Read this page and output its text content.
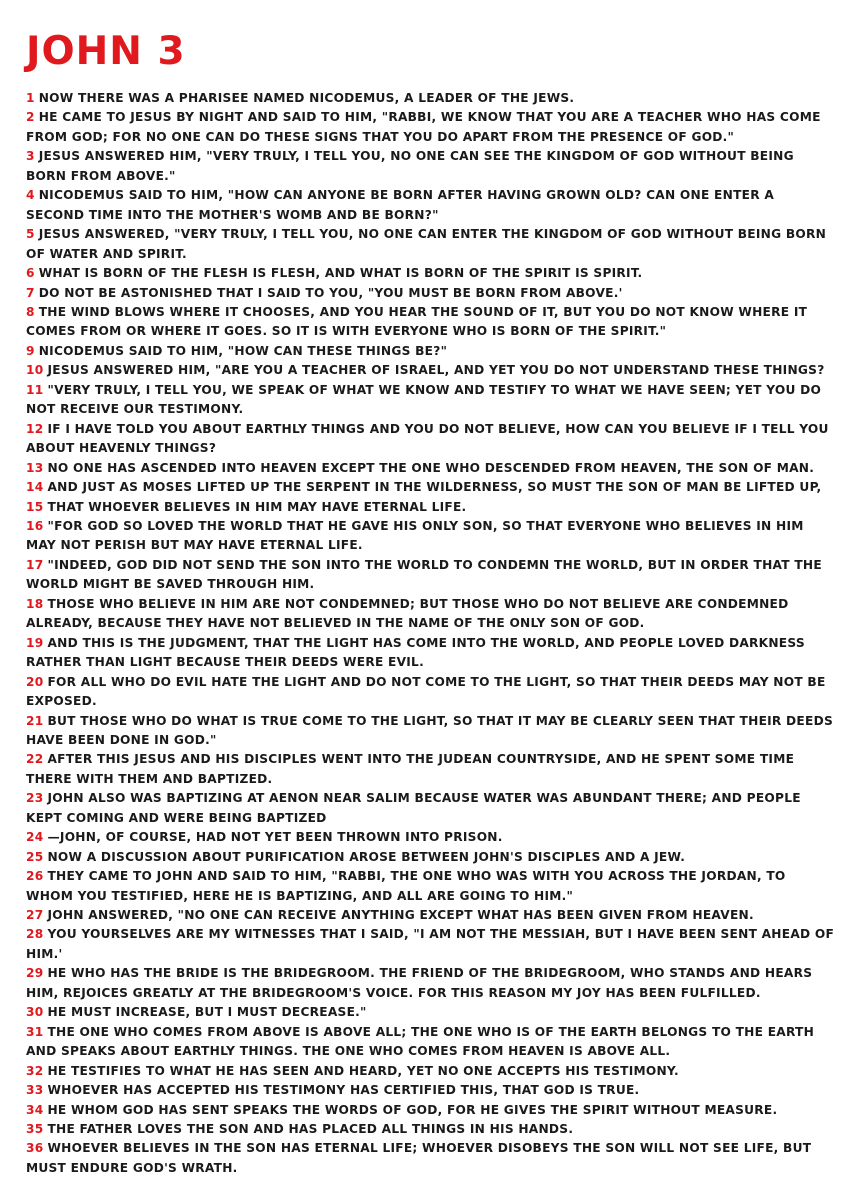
JOHN 3

1 NOW THERE WAS A PHARISEE NAMED NICODEMUS, A LEADER OF THE JEWS.

2 HE CAME TO JESUS BY NIGHT AND SAID TO HIM, "RABBI, WE KNOW THAT YOU ARE A TEACHER WHO HAS COME FROM GOD; FOR NO ONE CAN DO THESE SIGNS THAT YOU DO APART FROM THE PRESENCE OF GOD."

3 JESUS ANSWERED HIM, "VERY TRULY, I TELL YOU, NO ONE CAN SEE THE KINGDOM OF GOD WITHOUT BEING BORN FROM ABOVE."

4 NICODEMUS SAID TO HIM, "HOW CAN ANYONE BE BORN AFTER HAVING GROWN OLD? CAN ONE ENTER A SECOND TIME INTO THE MOTHER'S WOMB AND BE BORN?"

5 JESUS ANSWERED, "VERY TRULY, I TELL YOU, NO ONE CAN ENTER THE KINGDOM OF GOD WITHOUT BEING BORN OF WATER AND SPIRIT.

6 WHAT IS BORN OF THE FLESH IS FLESH, AND WHAT IS BORN OF THE SPIRIT IS SPIRIT.

7 DO NOT BE ASTONISHED THAT I SAID TO YOU, "YOU MUST BE BORN FROM ABOVE.'

8 THE WIND BLOWS WHERE IT CHOOSES, AND YOU HEAR THE SOUND OF IT, BUT YOU DO NOT KNOW WHERE IT COMES FROM OR WHERE IT GOES. SO IT IS WITH EVERYONE WHO IS BORN OF THE SPIRIT."

9 NICODEMUS SAID TO HIM, "HOW CAN THESE THINGS BE?"

10 JESUS ANSWERED HIM, "ARE YOU A TEACHER OF ISRAEL, AND YET YOU DO NOT UNDERSTAND THESE THINGS?

11 "VERY TRULY, I TELL YOU, WE SPEAK OF WHAT WE KNOW AND TESTIFY TO WHAT WE HAVE SEEN; YET YOU DO NOT RECEIVE OUR TESTIMONY.

12 IF I HAVE TOLD YOU ABOUT EARTHLY THINGS AND YOU DO NOT BELIEVE, HOW CAN YOU BELIEVE IF I TELL YOU ABOUT HEAVENLY THINGS?

13 NO ONE HAS ASCENDED INTO HEAVEN EXCEPT THE ONE WHO DESCENDED FROM HEAVEN, THE SON OF MAN.

14 AND JUST AS MOSES LIFTED UP THE SERPENT IN THE WILDERNESS, SO MUST THE SON OF MAN BE LIFTED UP,

15 THAT WHOEVER BELIEVES IN HIM MAY HAVE ETERNAL LIFE.

16 "FOR GOD SO LOVED THE WORLD THAT HE GAVE HIS ONLY SON, SO THAT EVERYONE WHO BELIEVES IN HIM MAY NOT PERISH BUT MAY HAVE ETERNAL LIFE.

17 "INDEED, GOD DID NOT SEND THE SON INTO THE WORLD TO CONDEMN THE WORLD, BUT IN ORDER THAT THE WORLD MIGHT BE SAVED THROUGH HIM.

18 THOSE WHO BELIEVE IN HIM ARE NOT CONDEMNED; BUT THOSE WHO DO NOT BELIEVE ARE CONDEMNED ALREADY, BECAUSE THEY HAVE NOT BELIEVED IN THE NAME OF THE ONLY SON OF GOD.

19 AND THIS IS THE JUDGMENT, THAT THE LIGHT HAS COME INTO THE WORLD, AND PEOPLE LOVED DARKNESS RATHER THAN LIGHT BECAUSE THEIR DEEDS WERE EVIL.

20 FOR ALL WHO DO EVIL HATE THE LIGHT AND DO NOT COME TO THE LIGHT, SO THAT THEIR DEEDS MAY NOT BE EXPOSED.

21 BUT THOSE WHO DO WHAT IS TRUE COME TO THE LIGHT, SO THAT IT MAY BE CLEARLY SEEN THAT THEIR DEEDS HAVE BEEN DONE IN GOD."

22 AFTER THIS JESUS AND HIS DISCIPLES WENT INTO THE JUDEAN COUNTRYSIDE, AND HE SPENT SOME TIME THERE WITH THEM AND BAPTIZED.

23 JOHN ALSO WAS BAPTIZING AT AENON NEAR SALIM BECAUSE WATER WAS ABUNDANT THERE; AND PEOPLE KEPT COMING AND WERE BEING BAPTIZED

24 —JOHN, OF COURSE, HAD NOT YET BEEN THROWN INTO PRISON.

25 NOW A DISCUSSION ABOUT PURIFICATION AROSE BETWEEN JOHN'S DISCIPLES AND A JEW.

26 THEY CAME TO JOHN AND SAID TO HIM, "RABBI, THE ONE WHO WAS WITH YOU ACROSS THE JORDAN, TO WHOM YOU TESTIFIED, HERE HE IS BAPTIZING, AND ALL ARE GOING TO HIM."

27 JOHN ANSWERED, "NO ONE CAN RECEIVE ANYTHING EXCEPT WHAT HAS BEEN GIVEN FROM HEAVEN.

28 YOU YOURSELVES ARE MY WITNESSES THAT I SAID, "I AM NOT THE MESSIAH, BUT I HAVE BEEN SENT AHEAD OF HIM.'

29 HE WHO HAS THE BRIDE IS THE BRIDEGROOM. THE FRIEND OF THE BRIDEGROOM, WHO STANDS AND HEARS HIM, REJOICES GREATLY AT THE BRIDEGROOM'S VOICE. FOR THIS REASON MY JOY HAS BEEN FULFILLED.

30 HE MUST INCREASE, BUT I MUST DECREASE."

31 THE ONE WHO COMES FROM ABOVE IS ABOVE ALL; THE ONE WHO IS OF THE EARTH BELONGS TO THE EARTH AND SPEAKS ABOUT EARTHLY THINGS. THE ONE WHO COMES FROM HEAVEN IS ABOVE ALL.

32 HE TESTIFIES TO WHAT HE HAS SEEN AND HEARD, YET NO ONE ACCEPTS HIS TESTIMONY.

33 WHOEVER HAS ACCEPTED HIS TESTIMONY HAS CERTIFIED THIS, THAT GOD IS TRUE.

34 HE WHOM GOD HAS SENT SPEAKS THE WORDS OF GOD, FOR HE GIVES THE SPIRIT WITHOUT MEASURE.

35 THE FATHER LOVES THE SON AND HAS PLACED ALL THINGS IN HIS HANDS.

36 WHOEVER BELIEVES IN THE SON HAS ETERNAL LIFE; WHOEVER DISOBEYS THE SON WILL NOT SEE LIFE, BUT MUST ENDURE GOD'S WRATH.
